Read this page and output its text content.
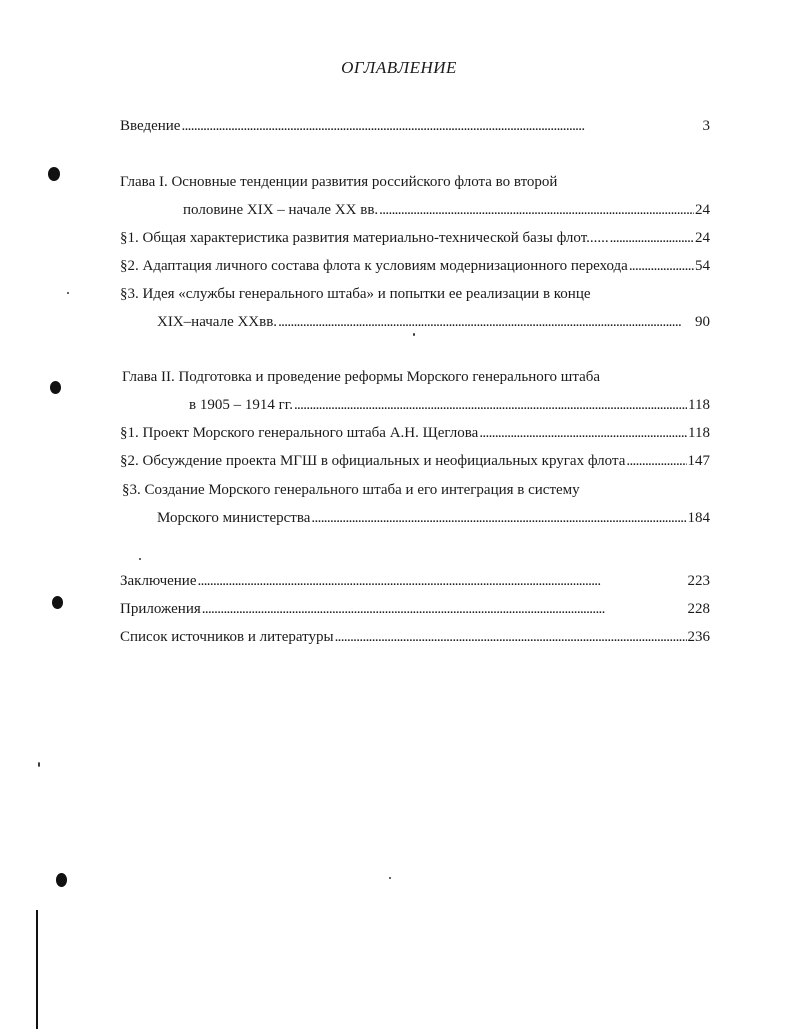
ОГЛАВЛЕНИЕ
Введение . . .	3
Глава I. Основные тенденции развития российского флота во второй
половине XIX – начале XX вв. . . .	24
§1. Общая характеристика развития материально-технической базы флот...... . . .	24
§2. Адаптация личного состава флота к условиям модернизационного перехода . . .	54
§3. Идея «службы генерального штаба» и попытки ее реализации в конце
XIX–начале XXвв. . . .	90
Глава II. Подготовка и проведение реформы Морского генерального штаба
в 1905 – 1914 гг. . . .	118
§1. Проект Морского генерального штаба А.Н. Щеглова . . .	118
§2. Обсуждение проекта МГШ в официальных и неофициальных кругах флота . . .	147
§3. Создание Морского генерального штаба и его интеграция в систему
Морского министерства . . .	184
Заключение . . .	223
Приложения . . .	228
Список источников и литературы . . .	236
